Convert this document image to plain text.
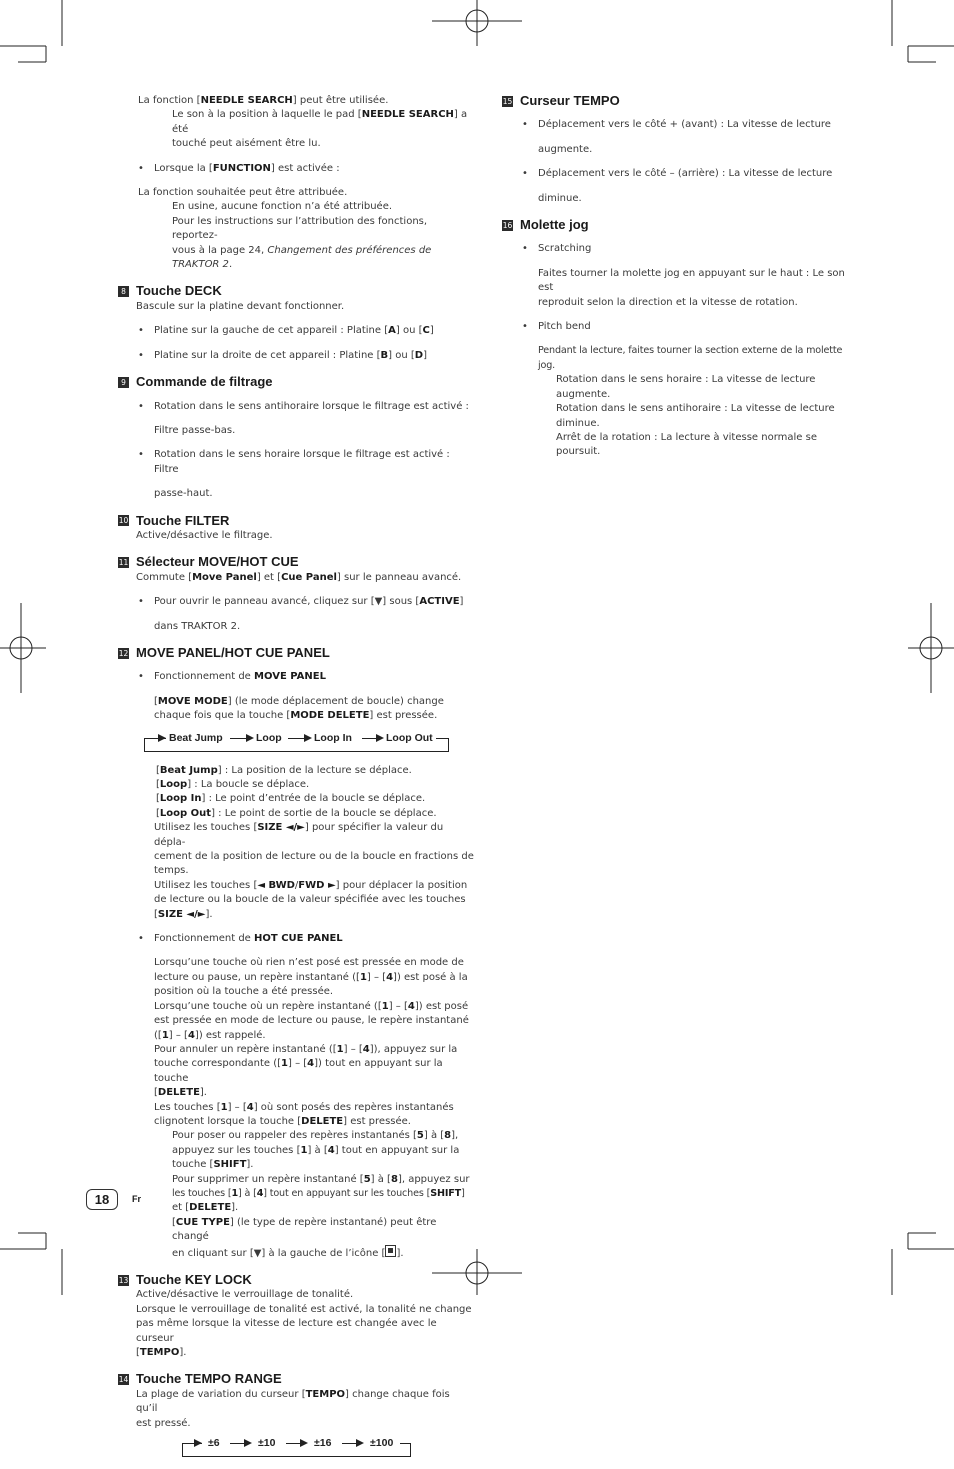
La fonction [NEEDLE SEARCH] peut être utilisée.

Le son à la position à laquelle le pad [NEEDLE SEARCH] a été

touché peut aisément être lu.

• Lorsque la [FUNCTION] est activée :

La fonction souhaitée peut être attribuée.

En usine, aucune fonction n’a été attribuée.

Pour les instructions sur l’attribution des fonctions, reportez-

vous à la page 24, Changement des préférences de TRAKTOR 2.

8 Touche DECK

Bascule sur la platine devant fonctionner.

• Platine sur la gauche de cet appareil : Platine [A] ou [C]

• Platine sur la droite de cet appareil : Platine [B] ou [D]

9 Commande de filtrage

• Rotation dans le sens antihoraire lorsque le filtrage est activé :

Filtre passe-bas.

• Rotation dans le sens horaire lorsque le filtrage est activé : Filtre

passe-haut.

10 Touche FILTER

Active/désactive le filtrage.

11 Sélecteur MOVE/HOT CUE

Commute [Move Panel] et [Cue Panel] sur le panneau avancé.

• Pour ouvrir le panneau avancé, cliquez sur [▼] sous [ACTIVE]

dans TRAKTOR 2.

12 MOVE PANEL/HOT CUE PANEL

• Fonctionnement de MOVE PANEL

[MOVE MODE] (le mode déplacement de boucle) change

chaque fois que la touche [MODE DELETE] est pressée.

Beat Jump	Loop	Loop In	Loop Out

[Beat Jump] : La position de la lecture se déplace.

[Loop] : La boucle se déplace.

[Loop In] : Le point d’entrée de la boucle se déplace.

[Loop Out] : Le point de sortie de la boucle se déplace.

Utilisez les touches [SIZE ◄/►] pour spécifier la valeur du dépla-

cement de la position de lecture ou de la boucle en fractions de

temps.

Utilisez les touches [◄ BWD/FWD ►] pour déplacer la position

de lecture ou la boucle de la valeur spécifiée avec les touches

[SIZE ◄/►].

• Fonctionnement de HOT CUE PANEL

Lorsqu’une touche où rien n’est posé est pressée en mode de

lecture ou pause, un repère instantané ([1] – [4]) est posé à la

position où la touche a été pressée.

Lorsqu’une touche où un repère instantané ([1] – [4]) est posé

est pressée en mode de lecture ou pause, le repère instantané

([1] – [4]) est rappelé.

Pour annuler un repère instantané ([1] – [4]), appuyez sur la

touche correspondante ([1] – [4]) tout en appuyant sur la touche

[DELETE].

Les touches [1] – [4] où sont posés des repères instantanés

clignotent lorsque la touche [DELETE] est pressée.

Pour poser ou rappeler des repères instantanés [5] à [8],

appuyez sur les touches [1] à [4] tout en appuyant sur la

touche [SHIFT].

Pour supprimer un repère instantané [5] à [8], appuyez sur

les touches [1] à [4] tout en appuyant sur les touches [SHIFT]

et [DELETE].

[CUE TYPE] (le type de repère instantané) peut être changé

en cliquant sur [▼] à la gauche de l’icône [ ].

13 Touche KEY LOCK

Active/désactive le verrouillage de tonalité.

Lorsque le verrouillage de tonalité est activé, la tonalité ne change

pas même lorsque la vitesse de lecture est changée avec le curseur

[TEMPO].

14 Touche TEMPO RANGE

La plage de variation du curseur [TEMPO] change chaque fois qu’il

est pressé.

±6	±10	±16	±100
15 Curseur TEMPO

• Déplacement vers le côté + (avant) : La vitesse de lecture

augmente.

• Déplacement vers le côté – (arrière) : La vitesse de lecture

diminue.

16 Molette jog

• Scratching

Faites tourner la molette jog en appuyant sur le haut : Le son est

reproduit selon la direction et la vitesse de rotation.

• Pitch bend

Pendant la lecture, faites tourner la section externe de la molette jog.

Rotation dans le sens horaire : La vitesse de lecture

augmente.

Rotation dans le sens antihoraire : La vitesse de lecture

diminue.

Arrêt de la rotation : La lecture à vitesse normale se poursuit.

18	Fr
